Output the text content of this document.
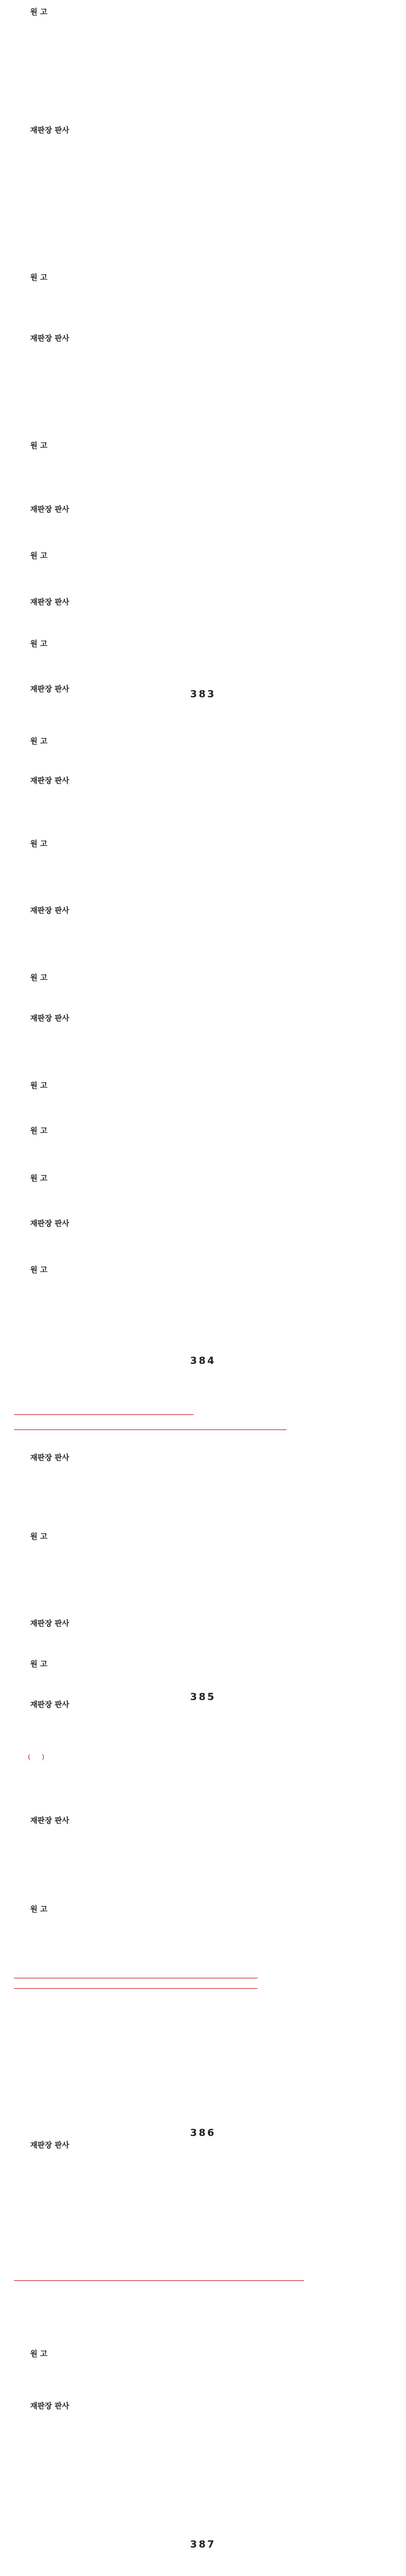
원 고

재판장 판사

원 고

재판장 판사

원 고

재판장 판사

원 고

재판장 판사

원 고

재판장 판사

원 고

재판장 판사

원 고

재판장 판사

원 고

재판장 판사

원 고

원 고

원 고

재판장 판사

원 고

재판장 판사

원 고

재판장 판사

원 고

재판장 판사

재판장 판사

원 고

재판장 판사

원 고

재판장 판사

383
384
385
386
387
(     )
